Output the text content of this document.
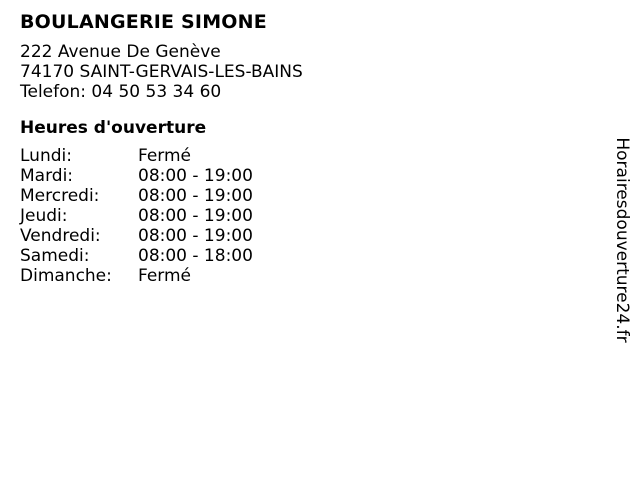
BOULANGERIE SIMONE
222 Avenue De Genève
74170 SAINT-GERVAIS-LES-BAINS
Telefon: 04 50 53 34 60
Heures d'ouverture
Lundi:	Fermé
Mardi:	08:00 - 19:00
Mercredi:	08:00 - 19:00
Jeudi:	08:00 - 19:00
Vendredi:	08:00 - 19:00
Samedi:	08:00 - 18:00
Dimanche:	Fermé	Horairesdouverture24.fr
